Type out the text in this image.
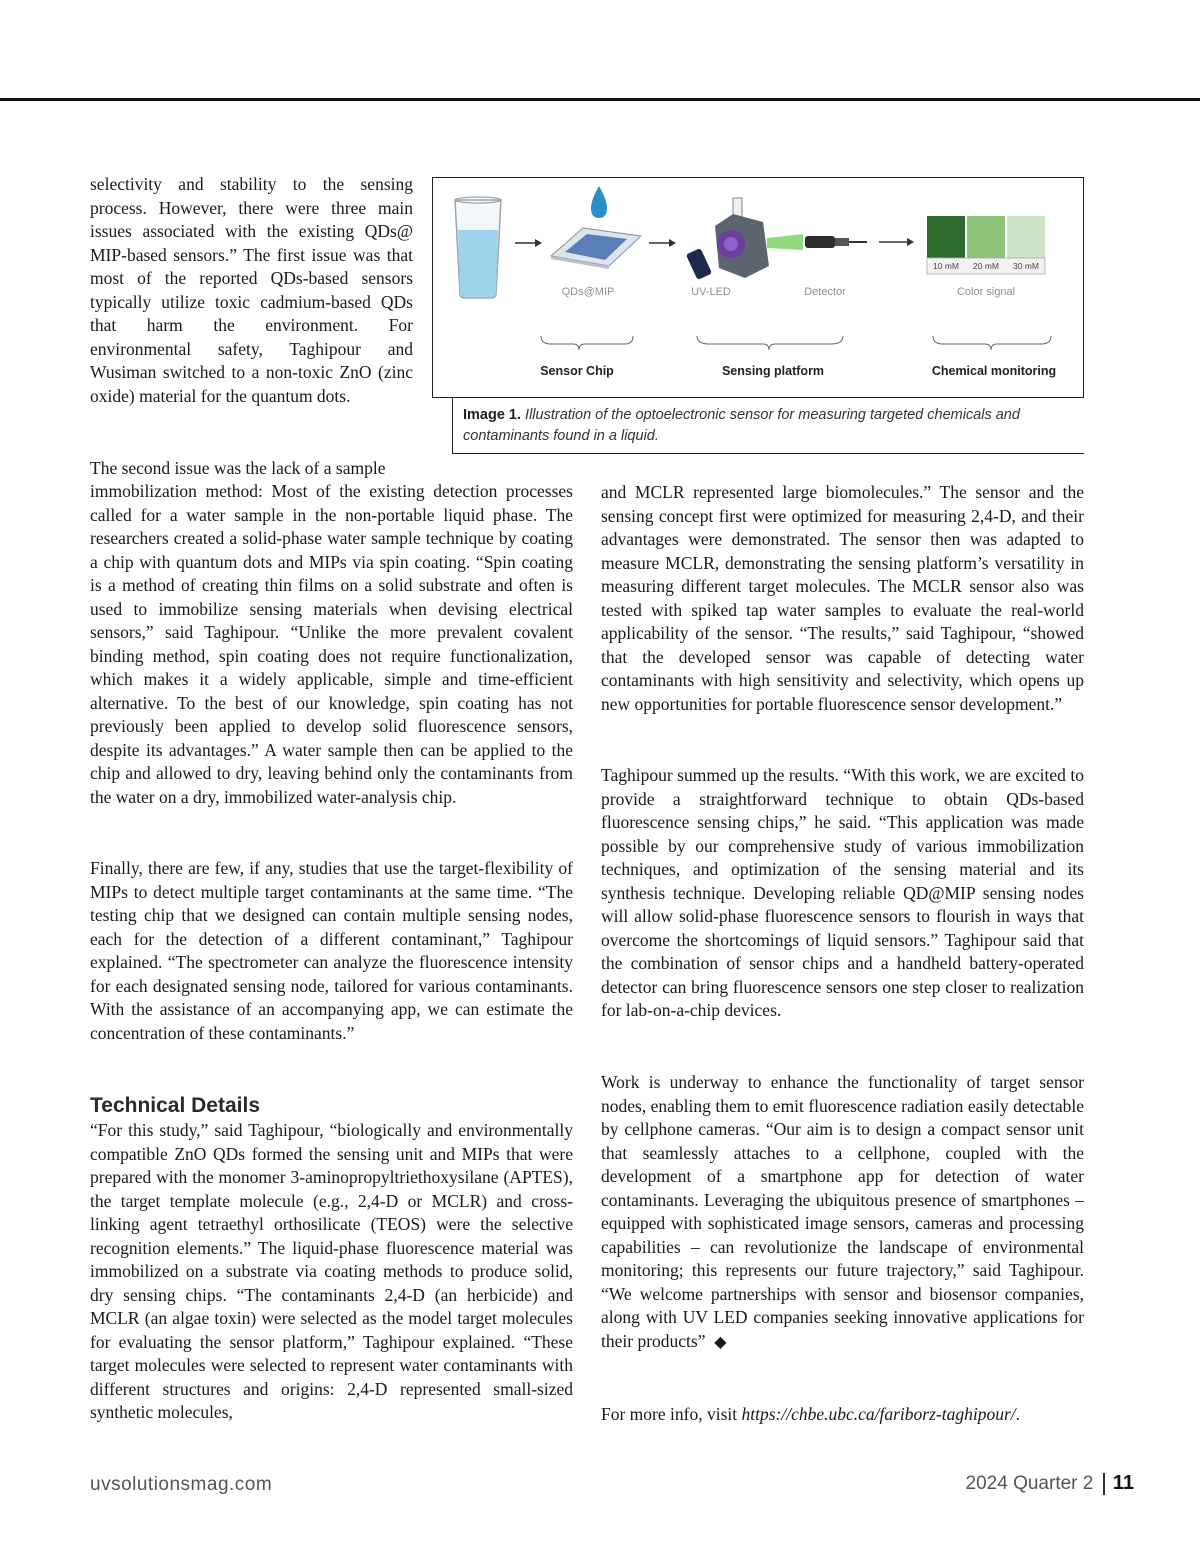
selectivity and stability to the sensing process. However, there were three main issues associated with the existing QDs@ MIP-based sensors.” The first issue was that most of the reported QDs-based sensors typically utilize toxic cadmium-based QDs that harm the environment. For environmental safety, Taghipour and Wusiman switched to a non-toxic ZnO (zinc oxide) material for the quantum dots.

The second issue was the lack of a sample

immobilization method: Most of the existing detection processes called for a water sample in the non-portable liquid phase. The researchers created a solid-phase water sample technique by coating a chip with quantum dots and MIPs via spin coating. “Spin coating is a method of creating thin films on a solid substrate and often is used to immobilize sensing materials when devising electrical sensors,” said Taghipour. “Unlike the more prevalent covalent binding method, spin coating does not require functionalization, which makes it a widely applicable, simple and time-efficient alternative. To the best of our knowledge, spin coating has not previously been applied to develop solid fluorescence sensors, despite its advantages.” A water sample then can be applied to the chip and allowed to dry, leaving behind only the contaminants from the water on a dry, immobilized water-analysis chip.

Finally, there are few, if any, studies that use the target-flexibility of MIPs to detect multiple target contaminants at the same time. “The testing chip that we designed can contain multiple sensing nodes, each for the detection of a different contaminant,” Taghipour explained. “The spectrometer can analyze the fluorescence intensity for each designated sensing node, tailored for various contaminants. With the assistance of an accompanying app, we can estimate the concentration of these contaminants.”

Technical Details

“For this study,” said Taghipour, “biologically and environmentally compatible ZnO QDs formed the sensing unit and MIPs that were prepared with the monomer 3-aminopropyltriethoxysilane (APTES), the target template molecule (e.g., 2,4-D or MCLR) and cross-linking agent tetraethyl orthosilicate (TEOS) were the selective recognition elements.” The liquid-phase fluorescence material was immobilized on a substrate via coating methods to produce solid, dry sensing chips. “The contaminants 2,4-D (an herbicide) and MCLR (an algae toxin) were selected as the model target molecules for evaluating the sensor platform,” Taghipour explained. “These target molecules were selected to represent water contaminants with different structures and origins: 2,4-D represented small-sized synthetic molecules,

and MCLR represented large biomolecules.” The sensor and the sensing concept first were optimized for measuring 2,4-D, and their advantages were demonstrated. The sensor then was adapted to measure MCLR, demonstrating the sensing platform’s versatility in measuring different target molecules. The MCLR sensor also was tested with spiked tap water samples to evaluate the real-world applicability of the sensor. “The results,” said Taghipour, “showed that the developed sensor was capable of detecting water contaminants with high sensitivity and selectivity, which opens up new opportunities for portable fluorescence sensor development.”

Taghipour summed up the results. “With this work, we are excited to provide a straightforward technique to obtain QDs-based fluorescence sensing chips,” he said. “This application was made possible by our comprehensive study of various immobilization techniques, and optimization of the sensing material and its synthesis technique. Developing reliable QD@MIP sensing nodes will allow solid-phase fluorescence sensors to flourish in ways that overcome the shortcomings of liquid sensors.” Taghipour said that the combination of sensor chips and a handheld battery-operated detector can bring fluorescence sensors one step closer to realization for lab-on-a-chip devices.

Work is underway to enhance the functionality of target sensor nodes, enabling them to emit fluorescence radiation easily detectable by cellphone cameras. “Our aim is to design a compact sensor unit that seamlessly attaches to a cellphone, coupled with the development of a smartphone app for detection of water contaminants. Leveraging the ubiquitous presence of smartphones – equipped with sophisticated image sensors, cameras and processing capabilities – can revolutionize the landscape of environmental monitoring; this represents our future trajectory,” said Taghipour. “We welcome partnerships with sensor and biosensor companies, along with UV LED companies seeking innovative applications for their products” ◆

For more info, visit https://chbe.ubc.ca/fariborz-taghipour/.

10 mM 20 mM 30 mM
QDs@MIP	UV-LED	Detector	Color signal
Sensor Chip	Sensing platform	Chemical monitoring
Image 1. Illustration of the optoelectronic sensor for measuring targeted chemicals and contaminants found in a liquid.
uvsolutionsmag.com	2024 Quarter 2 11
